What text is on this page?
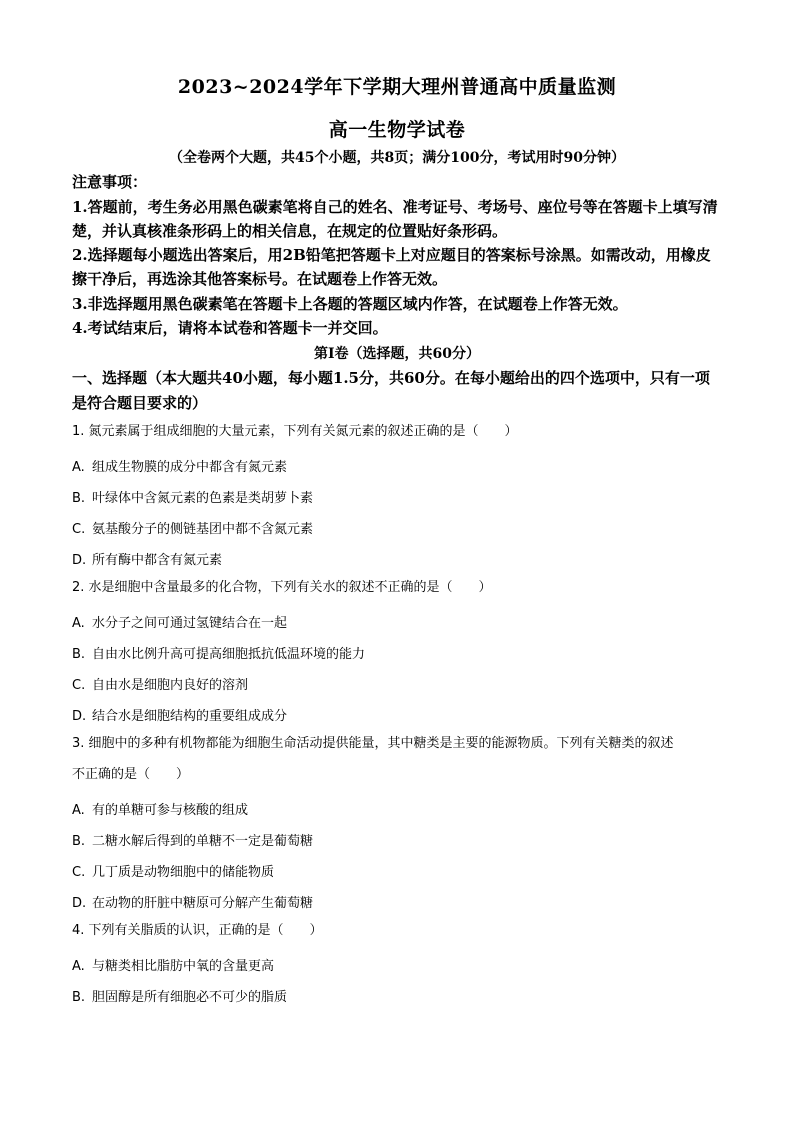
2023~2024学年下学期大理州普通高中质量监测
高一生物学试卷
（全卷两个大题，共45个小题，共8页；满分100分，考试用时90分钟）
注意事项：
1.答题前，考生务必用黑色碳素笔将自己的姓名、准考证号、考场号、座位号等在答题卡上填写清楚，并认真核准条形码上的相关信息，在规定的位置贴好条形码。
2.选择题每小题选出答案后，用2B铅笔把答题卡上对应题目的答案标号涂黑。如需改动，用橡皮擦干净后，再选涂其他答案标号。在试题卷上作答无效。
3.非选择题用黑色碳素笔在答题卡上各题的答题区域内作答，在试题卷上作答无效。
4.考试结束后，请将本试卷和答题卡一并交回。
第Ⅰ卷（选择题，共60分）
一、选择题（本大题共40小题，每小题1.5分，共60分。在每小题给出的四个选项中，只有一项是符合题目要求的）
1. 氮元素属于组成细胞的大量元素，下列有关氮元素的叙述正确的是（　　）
A. 组成生物膜的成分中都含有氮元素
B. 叶绿体中含氮元素的色素是类胡萝卜素
C. 氨基酸分子的侧链基团中都不含氮元素
D. 所有酶中都含有氮元素
2. 水是细胞中含量最多的化合物，下列有关水的叙述不正确的是（　　）
A. 水分子之间可通过氢键结合在一起
B. 自由水比例升高可提高细胞抵抗低温环境的能力
C. 自由水是细胞内良好的溶剂
D. 结合水是细胞结构的重要组成成分
3. 细胞中的多种有机物都能为细胞生命活动提供能量，其中糖类是主要的能源物质。下列有关糖类的叙述
不正确的是（　　）
A. 有的单糖可参与核酸的组成
B. 二糖水解后得到的单糖不一定是葡萄糖
C. 几丁质是动物细胞中的储能物质
D. 在动物的肝脏中糖原可分解产生葡萄糖
4. 下列有关脂质的认识，正确的是（　　）
A. 与糖类相比脂肪中氧的含量更高
B. 胆固醇是所有细胞必不可少的脂质
